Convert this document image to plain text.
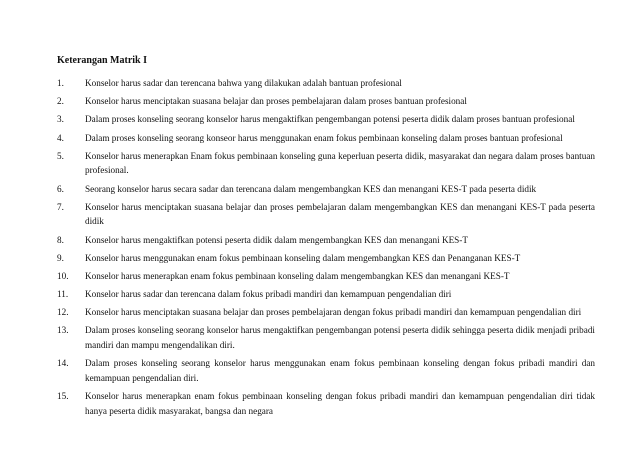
Keterangan Matrik I
1.	Konselor harus sadar dan terencana bahwa yang dilakukan adalah bantuan profesional
2.	Konselor harus menciptakan suasana belajar dan proses pembelajaran dalam proses bantuan profesional
3.	Dalam proses konseling seorang konselor harus mengaktifkan pengembangan potensi peserta didik dalam proses bantuan profesional
4.	Dalam proses konseling seorang konseor harus menggunakan enam fokus pembinaan konseling dalam proses bantuan profesional
5.	Konselor harus menerapkan Enam fokus pembinaan konseling guna keperluan peserta didik, masyarakat dan negara dalam proses bantuan profesional.
6.	Seorang konselor harus secara sadar dan terencana dalam mengembangkan KES dan menangani KES-T pada peserta didik
7.	Konselor harus menciptakan suasana belajar dan proses pembelajaran dalam mengembangkan KES dan menangani KES-T pada peserta didik
8.	Konselor harus mengaktifkan potensi peserta didik dalam mengembangkan KES dan menangani KES-T
9.	Konselor harus menggunakan enam fokus pembinaan konseling dalam mengembangkan KES dan Penanganan KES-T
10.	Konselor harus menerapkan enam fokus pembinaan konseling dalam mengembangkan KES dan menangani KES-T
11.	Konselor harus sadar dan terencana dalam fokus pribadi mandiri dan kemampuan pengendalian diri
12.	Konselor harus menciptakan suasana belajar dan proses pembelajaran dengan fokus pribadi mandiri dan kemampuan pengendalian diri
13.	Dalam proses konseling seorang konselor harus mengaktifkan pengembangan potensi peserta didik sehingga peserta didik menjadi pribadi mandiri dan mampu mengendalikan diri.
14.	Dalam proses konseling seorang konselor harus menggunakan enam fokus pembinaan konseling dengan fokus pribadi mandiri dan kemampuan pengendalian diri.
15.	Konselor harus menerapkan enam fokus pembinaan konseling dengan fokus pribadi mandiri dan kemampuan pengendalian diri tidak hanya peserta didik masyarakat, bangsa dan negara
